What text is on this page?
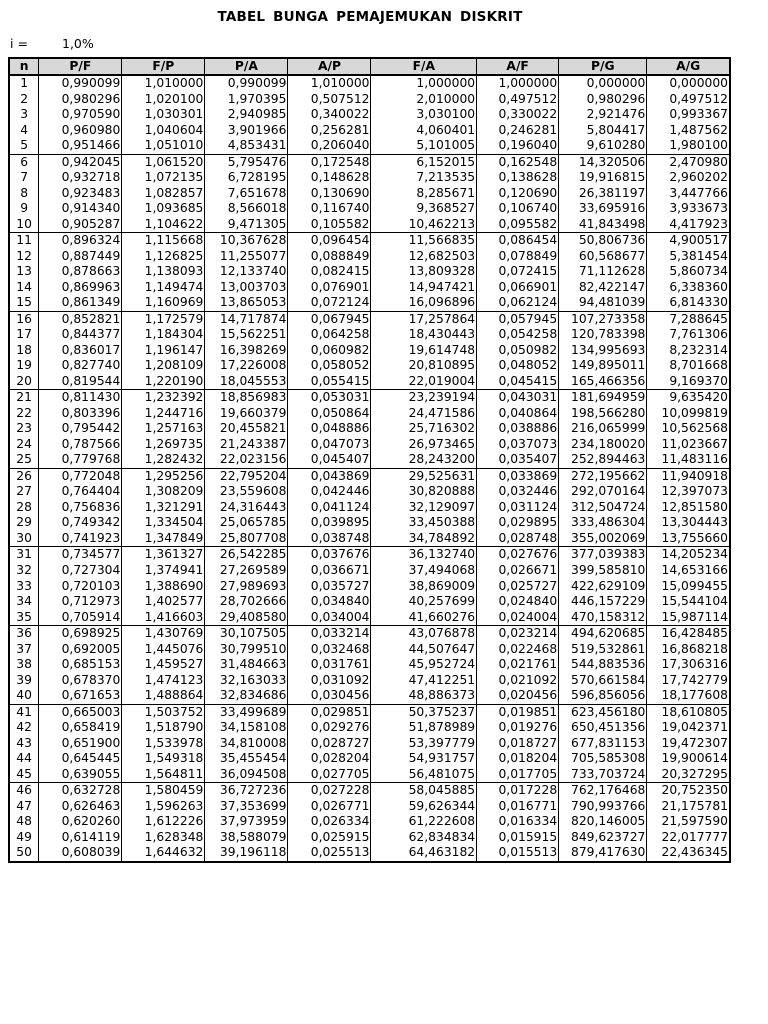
TABEL BUNGA PEMAJEMUKAN DISKRIT
i =	1,0%
n	P/F	F/P	P/A	A/P	F/A	A/F	P/G	A/G
1	0,990099	1,010000	0,990099	1,010000	1,000000	1,000000	0,000000	0,000000
2	0,980296	1,020100	1,970395	0,507512	2,010000	0,497512	0,980296	0,497512
3	0,970590	1,030301	2,940985	0,340022	3,030100	0,330022	2,921476	0,993367
4	0,960980	1,040604	3,901966	0,256281	4,060401	0,246281	5,804417	1,487562
5	0,951466	1,051010	4,853431	0,206040	5,101005	0,196040	9,610280	1,980100
6	0,942045	1,061520	5,795476	0,172548	6,152015	0,162548	14,320506	2,470980
7	0,932718	1,072135	6,728195	0,148628	7,213535	0,138628	19,916815	2,960202
8	0,923483	1,082857	7,651678	0,130690	8,285671	0,120690	26,381197	3,447766
9	0,914340	1,093685	8,566018	0,116740	9,368527	0,106740	33,695916	3,933673
10	0,905287	1,104622	9,471305	0,105582	10,462213	0,095582	41,843498	4,417923
11	0,896324	1,115668	10,367628	0,096454	11,566835	0,086454	50,806736	4,900517
12	0,887449	1,126825	11,255077	0,088849	12,682503	0,078849	60,568677	5,381454
13	0,878663	1,138093	12,133740	0,082415	13,809328	0,072415	71,112628	5,860734
14	0,869963	1,149474	13,003703	0,076901	14,947421	0,066901	82,422147	6,338360
15	0,861349	1,160969	13,865053	0,072124	16,096896	0,062124	94,481039	6,814330
16	0,852821	1,172579	14,717874	0,067945	17,257864	0,057945	107,273358	7,288645
17	0,844377	1,184304	15,562251	0,064258	18,430443	0,054258	120,783398	7,761306
18	0,836017	1,196147	16,398269	0,060982	19,614748	0,050982	134,995693	8,232314
19	0,827740	1,208109	17,226008	0,058052	20,810895	0,048052	149,895011	8,701668
20	0,819544	1,220190	18,045553	0,055415	22,019004	0,045415	165,466356	9,169370
21	0,811430	1,232392	18,856983	0,053031	23,239194	0,043031	181,694959	9,635420
22	0,803396	1,244716	19,660379	0,050864	24,471586	0,040864	198,566280	10,099819
23	0,795442	1,257163	20,455821	0,048886	25,716302	0,038886	216,065999	10,562568
24	0,787566	1,269735	21,243387	0,047073	26,973465	0,037073	234,180020	11,023667
25	0,779768	1,282432	22,023156	0,045407	28,243200	0,035407	252,894463	11,483116
26	0,772048	1,295256	22,795204	0,043869	29,525631	0,033869	272,195662	11,940918
27	0,764404	1,308209	23,559608	0,042446	30,820888	0,032446	292,070164	12,397073
28	0,756836	1,321291	24,316443	0,041124	32,129097	0,031124	312,504724	12,851580
29	0,749342	1,334504	25,065785	0,039895	33,450388	0,029895	333,486304	13,304443
30	0,741923	1,347849	25,807708	0,038748	34,784892	0,028748	355,002069	13,755660
31	0,734577	1,361327	26,542285	0,037676	36,132740	0,027676	377,039383	14,205234
32	0,727304	1,374941	27,269589	0,036671	37,494068	0,026671	399,585810	14,653166
33	0,720103	1,388690	27,989693	0,035727	38,869009	0,025727	422,629109	15,099455
34	0,712973	1,402577	28,702666	0,034840	40,257699	0,024840	446,157229	15,544104
35	0,705914	1,416603	29,408580	0,034004	41,660276	0,024004	470,158312	15,987114
36	0,698925	1,430769	30,107505	0,033214	43,076878	0,023214	494,620685	16,428485
37	0,692005	1,445076	30,799510	0,032468	44,507647	0,022468	519,532861	16,868218
38	0,685153	1,459527	31,484663	0,031761	45,952724	0,021761	544,883536	17,306316
39	0,678370	1,474123	32,163033	0,031092	47,412251	0,021092	570,661584	17,742779
40	0,671653	1,488864	32,834686	0,030456	48,886373	0,020456	596,856056	18,177608
41	0,665003	1,503752	33,499689	0,029851	50,375237	0,019851	623,456180	18,610805
42	0,658419	1,518790	34,158108	0,029276	51,878989	0,019276	650,451356	19,042371
43	0,651900	1,533978	34,810008	0,028727	53,397779	0,018727	677,831153	19,472307
44	0,645445	1,549318	35,455454	0,028204	54,931757	0,018204	705,585308	19,900614
45	0,639055	1,564811	36,094508	0,027705	56,481075	0,017705	733,703724	20,327295
46	0,632728	1,580459	36,727236	0,027228	58,045885	0,017228	762,176468	20,752350
47	0,626463	1,596263	37,353699	0,026771	59,626344	0,016771	790,993766	21,175781
48	0,620260	1,612226	37,973959	0,026334	61,222608	0,016334	820,146005	21,597590
49	0,614119	1,628348	38,588079	0,025915	62,834834	0,015915	849,623727	22,017777
50	0,608039	1,644632	39,196118	0,025513	64,463182	0,015513	879,417630	22,436345
